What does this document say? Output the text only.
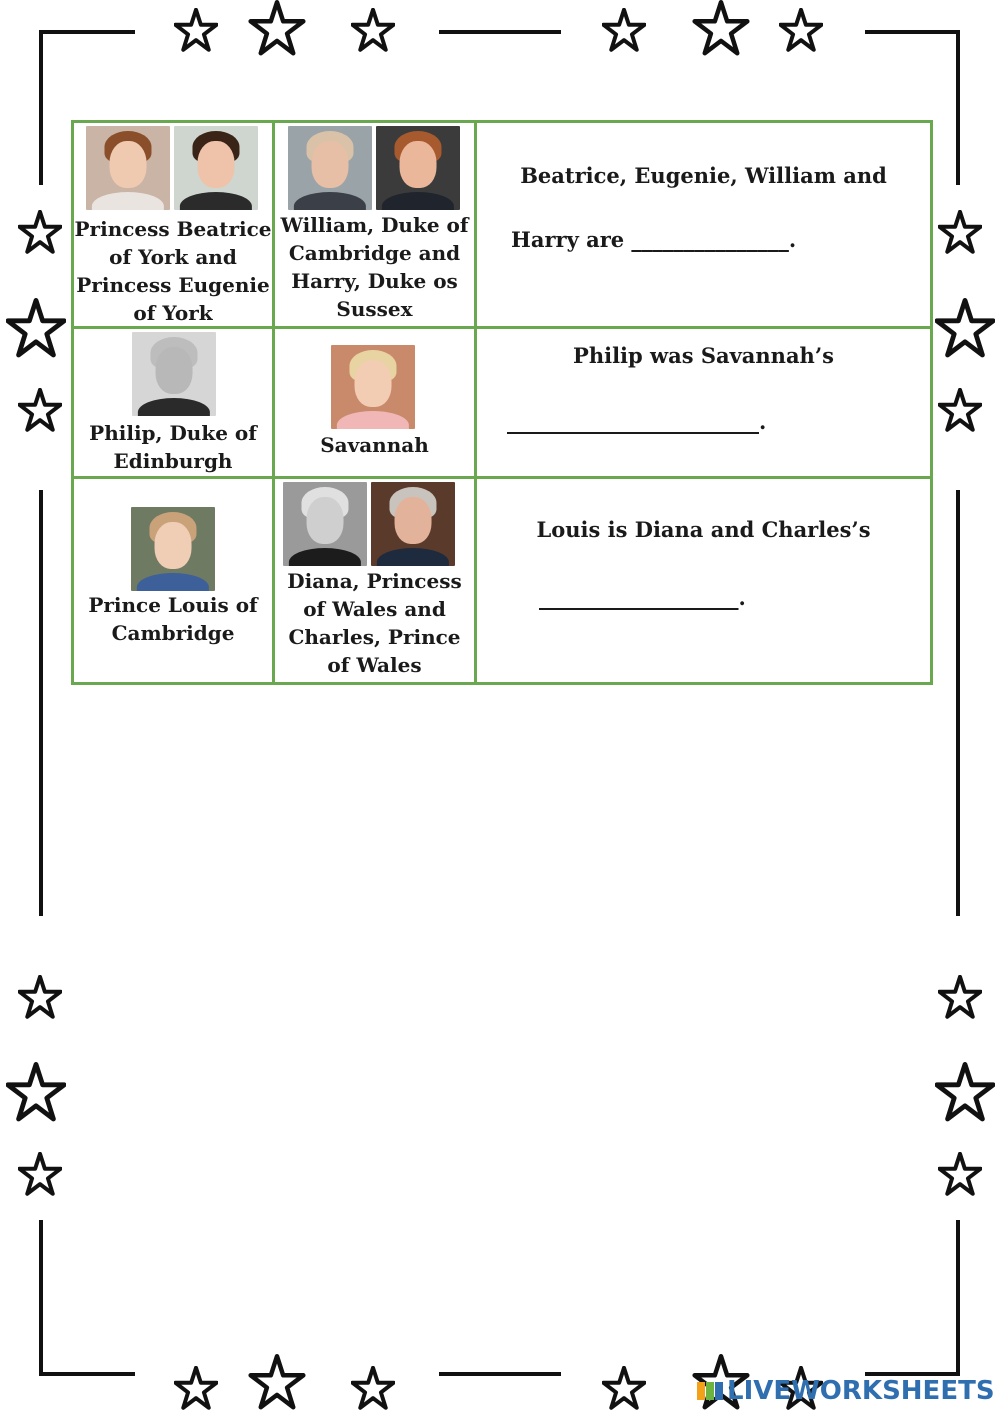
Princess Beatrice of York and Princess Eugenie of York
William, Duke of Cambridge and Harry, Duke os Sussex
Beatrice, Eugenie, William and
Harry are _______________.
Philip, Duke of Edinburgh
Savannah
Philip was Savannah’s
________________________.
Prince Louis of Cambridge
Diana, Princess of Wales and Charles, Prince of Wales
Louis is Diana and Charles’s
___________________.
LIVEWORKSHEETS
